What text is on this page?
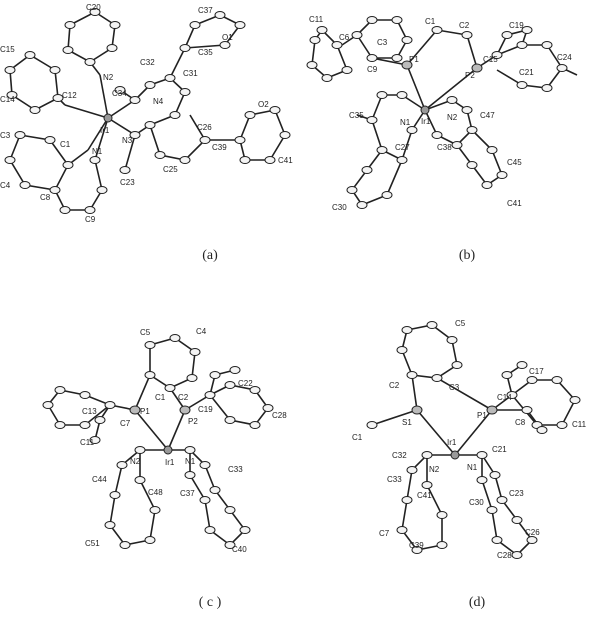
C20	C37
O1
C15
N2
C32
C35
C31
C14	C12	C34
N4	O2
Ir1
C3
C1	N3
C26
C39
N1
C4	C23
C25
C41
C8
C9
C11	C1	C2
C6
C3
C19
P1	C15
C9
P2	C21
C24
C35
N1 Ir1 N2	C47
C27	C38
C45
C30	C41
C5	C4
C22
C1 C2
C13	P1	C19
P2
C28
C7
C11
N2	Ir1 N1
C33
C44
C48 C37
C51
C40
C5
C2	C3
C17
C14
P1
C8
C1
S1	C11
Ir1
C21
C32
N2	N1
C33
C23
C41
C30
C26
C7
C39
C28
(a)	(b)
( c )	(d)
